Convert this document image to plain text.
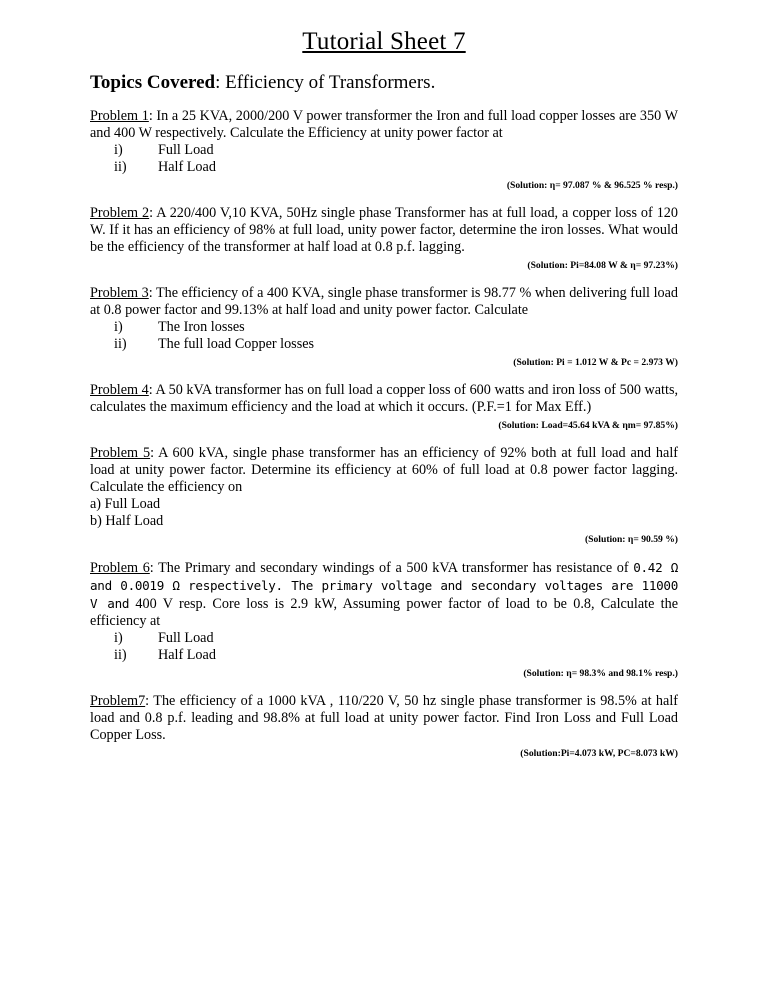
Tutorial Sheet 7
Topics Covered: Efficiency of Transformers.
Problem 1: In a 25 KVA, 2000/200 V power transformer the Iron and full load copper losses are 350 W and 400 W respectively. Calculate the Efficiency at unity power factor at
i)	Full Load
ii)	Half Load
(Solution: η= 97.087 % & 96.525 % resp.)
Problem 2: A 220/400 V,10 KVA, 50Hz single phase Transformer has at full load, a copper loss of 120 W. If it has an efficiency of 98% at full load, unity power factor, determine the iron losses. What would be the efficiency of the transformer at half load at 0.8 p.f. lagging.
(Solution: Pi=84.08 W & η= 97.23%)
Problem 3: The efficiency of a 400 KVA, single phase transformer is 98.77 % when delivering full load at 0.8 power factor and 99.13% at half load and unity power factor. Calculate
i)	The Iron losses
ii)	The full load Copper losses
(Solution: Pi = 1.012 W & Pc = 2.973 W)
Problem 4: A 50 kVA transformer has on full load a copper loss of 600 watts and iron loss of 500 watts, calculates the maximum efficiency and the load at which it occurs. (P.F.=1 for Max Eff.)
(Solution: Load=45.64 kVA & ηm= 97.85%)
Problem 5: A 600 kVA, single phase transformer has an efficiency of 92% both at full load and half load at unity power factor. Determine its efficiency at 60% of full load at 0.8 power factor lagging. Calculate the efficiency on
a) Full Load
b) Half Load
(Solution: η= 90.59 %)
Problem 6: The Primary and secondary windings of a 500 kVA transformer has resistance of 0.42 Ω and 0.0019 Ω respectively. The primary voltage and secondary voltages are 11000 V and 400 V resp. Core loss is 2.9 kW, Assuming power factor of load to be 0.8, Calculate the efficiency at
i)	Full Load
ii)	Half Load
(Solution: η= 98.3% and 98.1% resp.)
Problem7: The efficiency of a 1000 kVA , 110/220 V, 50 hz single phase transformer is 98.5% at half load and 0.8 p.f. leading and 98.8% at full load at unity power factor. Find Iron Loss and Full Load Copper Loss.
(Solution:Pi=4.073 kW, PC=8.073 kW)
